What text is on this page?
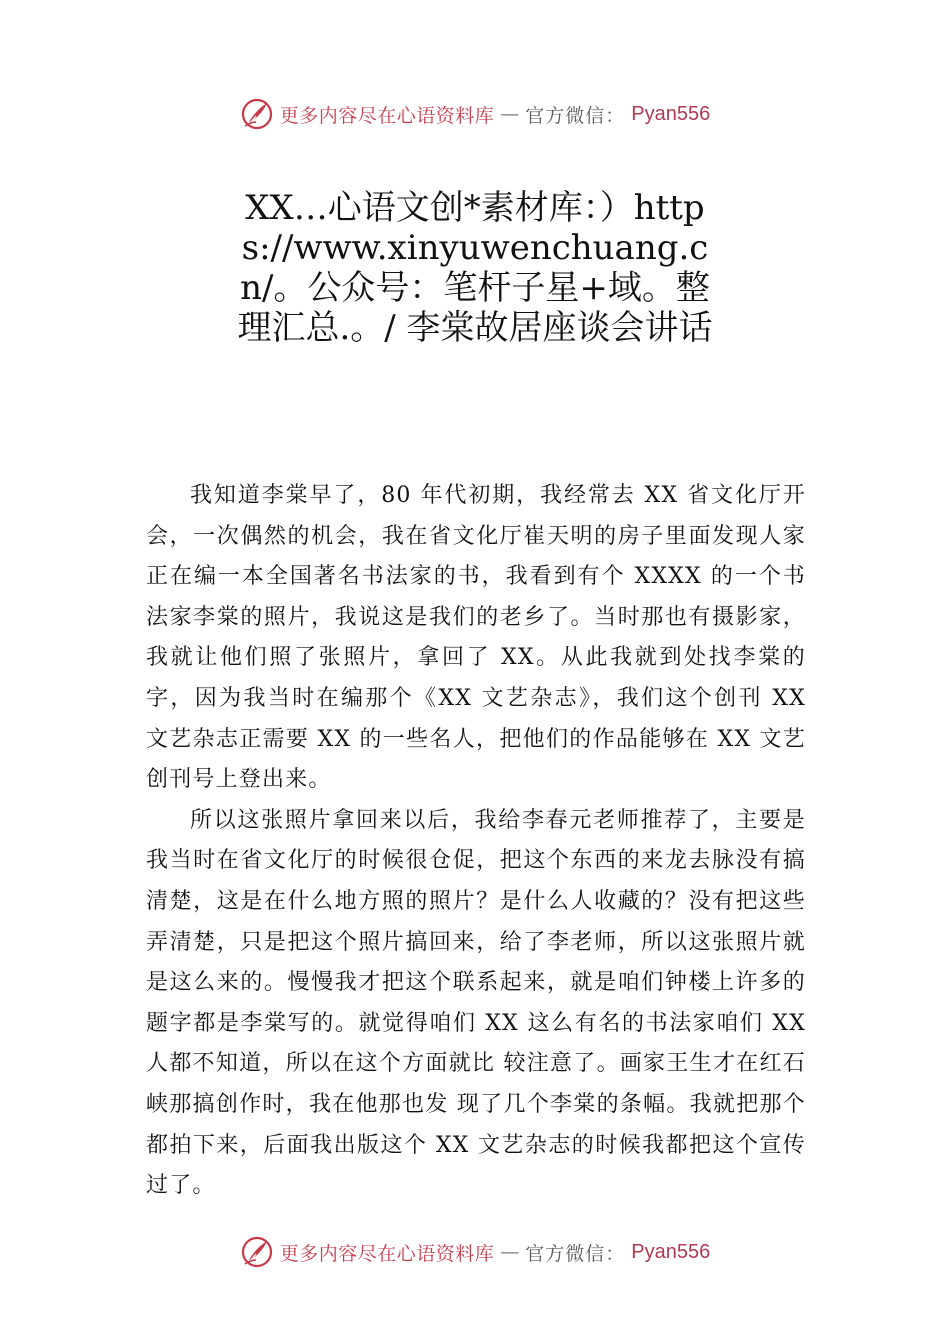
更多内容尽在心语资料库 — 官方微信： Pyan556
XX…心语文创*素材库：）https://www.xinyuwenchuang.cn/。公众号：笔杆子星+域。整理汇总.。/ 李棠故居座谈会讲话

我知道李棠早了，80 年代初期，我经常去 XX 省文化厅开会，一次偶然的机会，我在省文化厅崔天明的房子里面发现人家正在编一本全国著名书法家的书，我看到有个 XXXX 的一个书法家李棠的照片，我说这是我们的老乡了。当时那也有摄影家，我就让他们照了张照片，拿回了 XX。从此我就到处找李棠的字，因为我当时在编那个《XX 文艺杂志》，我们这个创刊 XX 文艺杂志正需要 XX 的一些名人，把他们的作品能够在 XX 文艺创刊号上登出来。

所以这张照片拿回来以后，我给李春元老师推荐了，主要是我当时在省文化厅的时候很仓促，把这个东西的来龙去脉没有搞清楚，这是在什么地方照的照片？是什么人收藏的？没有把这些弄清楚，只是把这个照片搞回来，给了李老师，所以这张照片就是这么来的。慢慢我才把这个联系起来，就是咱们钟楼上许多的题字都是李棠写的。就觉得咱们 XX 这么有名的书法家咱们 XX 人都不知道，所以在这个方面就比 较注意了。画家王生才在红石峡那搞创作时，我在他那也发 现了几个李棠的条幅。我就把那个都拍下来，后面我出版这个 XX 文艺杂志的时候我都把这个宣传过了。

更多内容尽在心语资料库 — 官方微信： Pyan556
